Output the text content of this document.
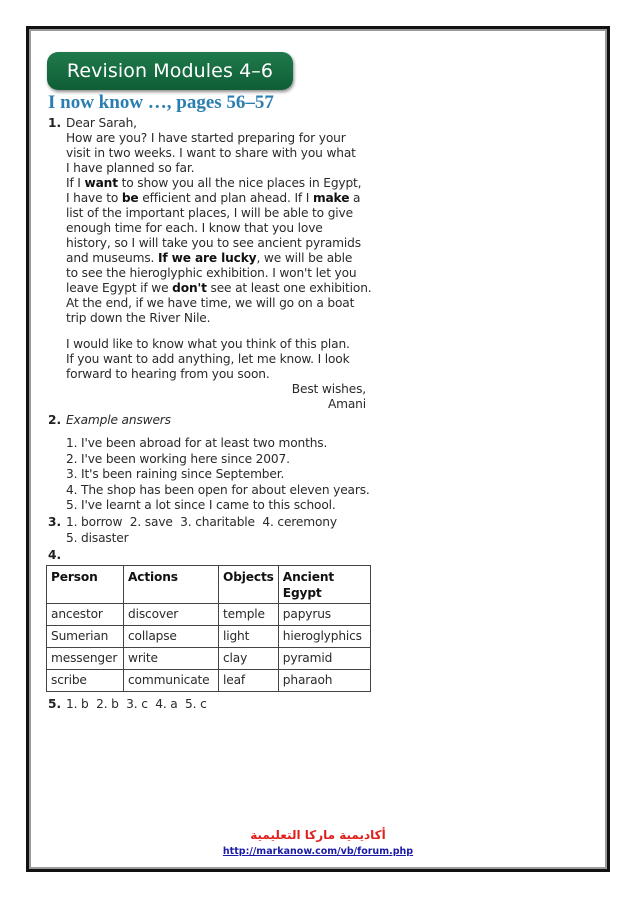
Revision Modules 4–6
I now know …, pages 56–57
1. Dear Sarah,
How are you? I have started preparing for your
visit in two weeks. I want to share with you what
I have planned so far.
If I want to show you all the nice places in Egypt,
I have to be efficient and plan ahead. If I make a
list of the important places, I will be able to give
enough time for each. I know that you love
history, so I will take you to see ancient pyramids
and museums. If we are lucky, we will be able
to see the hieroglyphic exhibition. I won't let you
leave Egypt if we don't see at least one exhibition.
At the end, if we have time, we will go on a boat
trip down the River Nile.
I would like to know what you think of this plan.
If you want to add anything, let me know. I look
forward to hearing from you soon.
Best wishes,
Amani
2. Example answers
1. I've been abroad for at least two months.
2. I've been working here since 2007.
3. It's been raining since September.
4. The shop has been open for about eleven years.
5. I've learnt a lot since I came to this school.
3. 1. borrow  2. save  3. charitable  4. ceremony
5. disaster
4.
Person	Actions	Objects	Ancient
Egypt
ancestor	discover	temple	papyrus
Sumerian	collapse	light	hieroglyphics
messenger	write	clay	pyramid
scribe	communicate	leaf	pharaoh
5. 1. b  2. b  3. c  4. a  5. c
أكاديمية ماركا التعليمية
http://markanow.com/vb/forum.php
